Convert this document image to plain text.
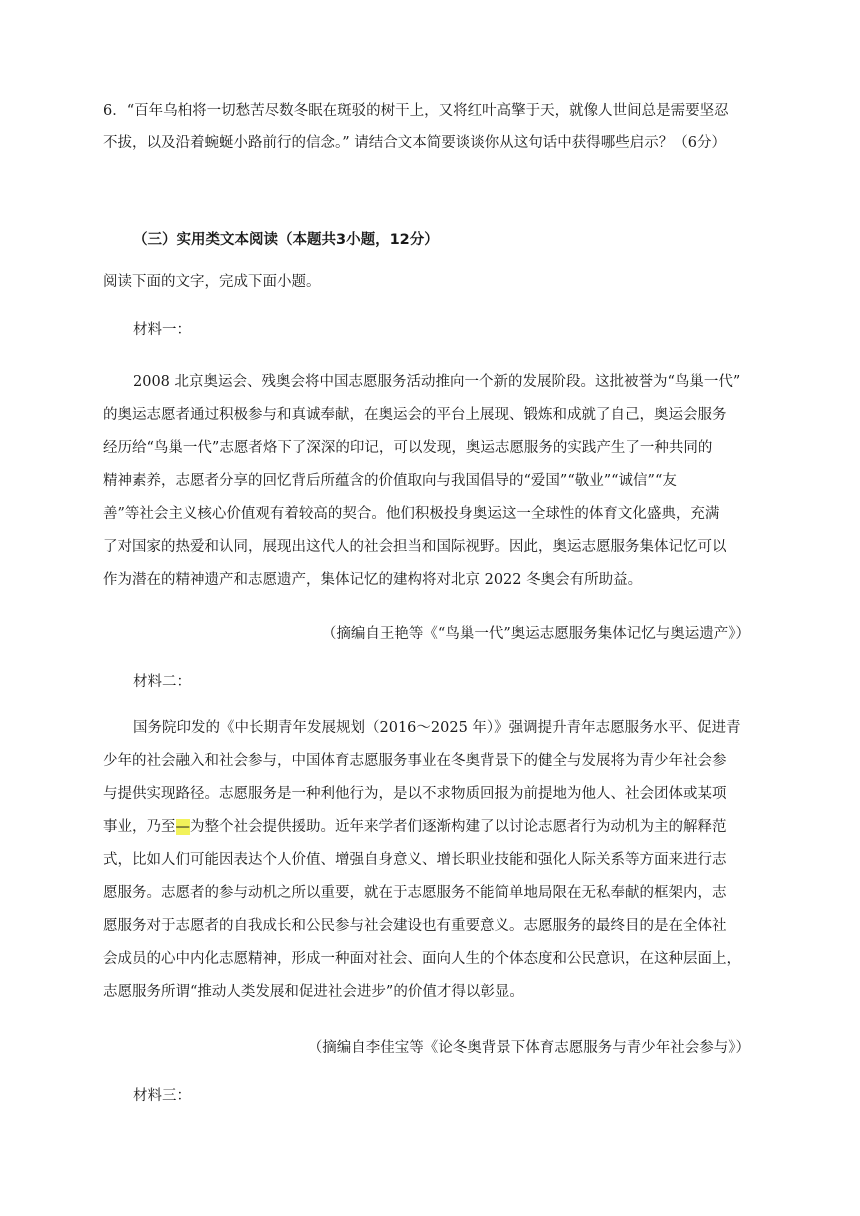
6．“百年乌桕将一切愁苦尽数冬眠在斑驳的树干上，又将红叶高擎于天，就像人世间总是需要坚忍
不拔，以及沿着蜿蜒小路前行的信念。” 请结合文本简要谈谈你从这句话中获得哪些启示？（6分）
（三）实用类文本阅读（本题共3小题，12分）
阅读下面的文字，完成下面小题。
材料一：
2008 北京奥运会、残奥会将中国志愿服务活动推向一个新的发展阶段。这批被誉为“鸟巢一代”
的奥运志愿者通过积极参与和真诚奉献，在奥运会的平台上展现、锻炼和成就了自己，奥运会服务
经历给“鸟巢一代”志愿者烙下了深深的印记，可以发现，奥运志愿服务的实践产生了一种共同的
精神素养，志愿者分享的回忆背后所蕴含的价值取向与我国倡导的“爱国”“敬业”“诚信”“友
善”等社会主义核心价值观有着较高的契合。他们积极投身奥运这一全球性的体育文化盛典，充满
了对国家的热爱和认同，展现出这代人的社会担当和国际视野。因此，奥运志愿服务集体记忆可以
作为潜在的精神遗产和志愿遗产，集体记忆的建构将对北京 2022 冬奥会有所助益。
（摘编自王艳等《“鸟巢一代”奥运志愿服务集体记忆与奥运遗产》）
材料二：
国务院印发的《中长期青年发展规划（2016～2025 年）》强调提升青年志愿服务水平、促进青
少年的社会融入和社会参与，中国体育志愿服务事业在冬奥背景下的健全与发展将为青少年社会参
与提供实现路径。志愿服务是一种利他行为，是以不求物质回报为前提地为他人、社会团体或某项
事业，乃至—为整个社会提供援助。近年来学者们逐渐构建了以讨论志愿者行为动机为主的解释范
式，比如人们可能因表达个人价值、增强自身意义、增长职业技能和强化人际关系等方面来进行志
愿服务。志愿者的参与动机之所以重要，就在于志愿服务不能简单地局限在无私奉献的框架内，志
愿服务对于志愿者的自我成长和公民参与社会建设也有重要意义。志愿服务的最终目的是在全体社
会成员的心中内化志愿精神，形成一种面对社会、面向人生的个体态度和公民意识，在这种层面上，
志愿服务所谓“推动人类发展和促进社会进步”的价值才得以彰显。
（摘编自李佳宝等《论冬奥背景下体育志愿服务与青少年社会参与》）
材料三：
